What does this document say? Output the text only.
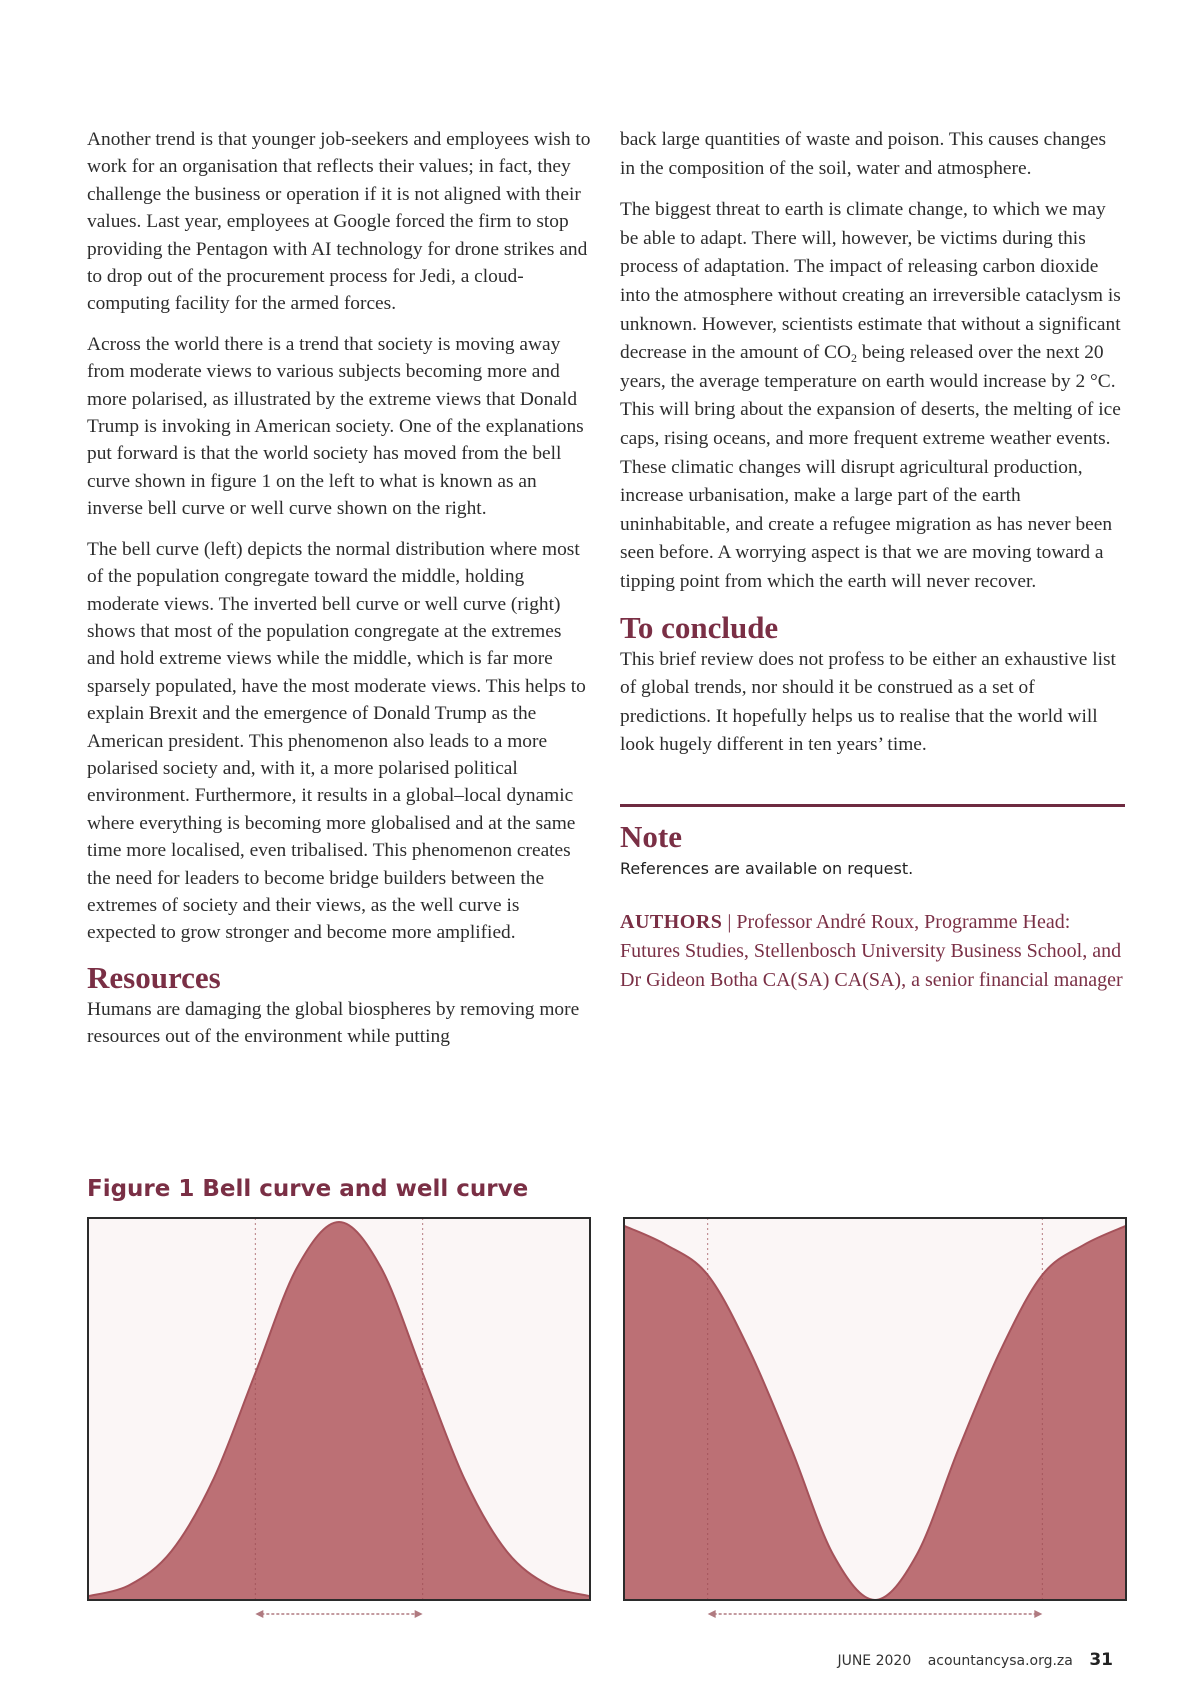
Another trend is that younger job-seekers and employees wish to work for an organisation that reflects their values; in fact, they challenge the business or operation if it is not aligned with their values. Last year, employees at Google forced the firm to stop providing the Pentagon with AI technology for drone strikes and to drop out of the procurement process for Jedi, a cloud-computing facility for the armed forces.

Across the world there is a trend that society is moving away from moderate views to various subjects becoming more and more polarised, as illustrated by the extreme views that Donald Trump is invoking in American society. One of the explanations put forward is that the world society has moved from the bell curve shown in figure 1 on the left to what is known as an inverse bell curve or well curve shown on the right.

The bell curve (left) depicts the normal distribution where most of the population congregate toward the middle, holding moderate views. The inverted bell curve or well curve (right) shows that most of the population congregate at the extremes and hold extreme views while the middle, which is far more sparsely populated, have the most moderate views. This helps to explain Brexit and the emergence of Donald Trump as the American president. This phenomenon also leads to a more polarised society and, with it, a more polarised political environment. Furthermore, it results in a global–local dynamic where everything is becoming more globalised and at the same time more localised, even tribalised. This phenomenon creates the need for leaders to become bridge builders between the extremes of society and their views, as the well curve is expected to grow stronger and become more amplified.

Resources

Humans are damaging the global biospheres by removing more resources out of the environment while putting

back large quantities of waste and poison. This causes changes in the composition of the soil, water and atmosphere.

The biggest threat to earth is climate change, to which we may be able to adapt. There will, however, be victims during this process of adaptation. The impact of releasing carbon dioxide into the atmosphere without creating an irreversible cataclysm is unknown. However, scientists estimate that without a significant decrease in the amount of $CO_2$ being released over the next 20 years, the average temperature on earth would increase by 2 °C. This will bring about the expansion of deserts, the melting of ice caps, rising oceans, and more frequent extreme weather events. These climatic changes will disrupt agricultural production, increase urbanisation, make a large part of the earth uninhabitable, and create a refugee migration as has never been seen before. A worrying aspect is that we are moving toward a tipping point from which the earth will never recover.

To conclude

This brief review does not profess to be either an exhaustive list of global trends, nor should it be construed as a set of predictions. It hopefully helps us to realise that the world will look hugely different in ten years’ time.

Note

References are available on request.

AUTHORS | Professor André Roux, Programme Head: Futures Studies, Stellenbosch University Business School, and Dr Gideon Botha CA(SA) CA(SA), a senior financial manager

Figure 1 Bell curve and well curve
JUNE 2020 acountancysa.org.za 31
